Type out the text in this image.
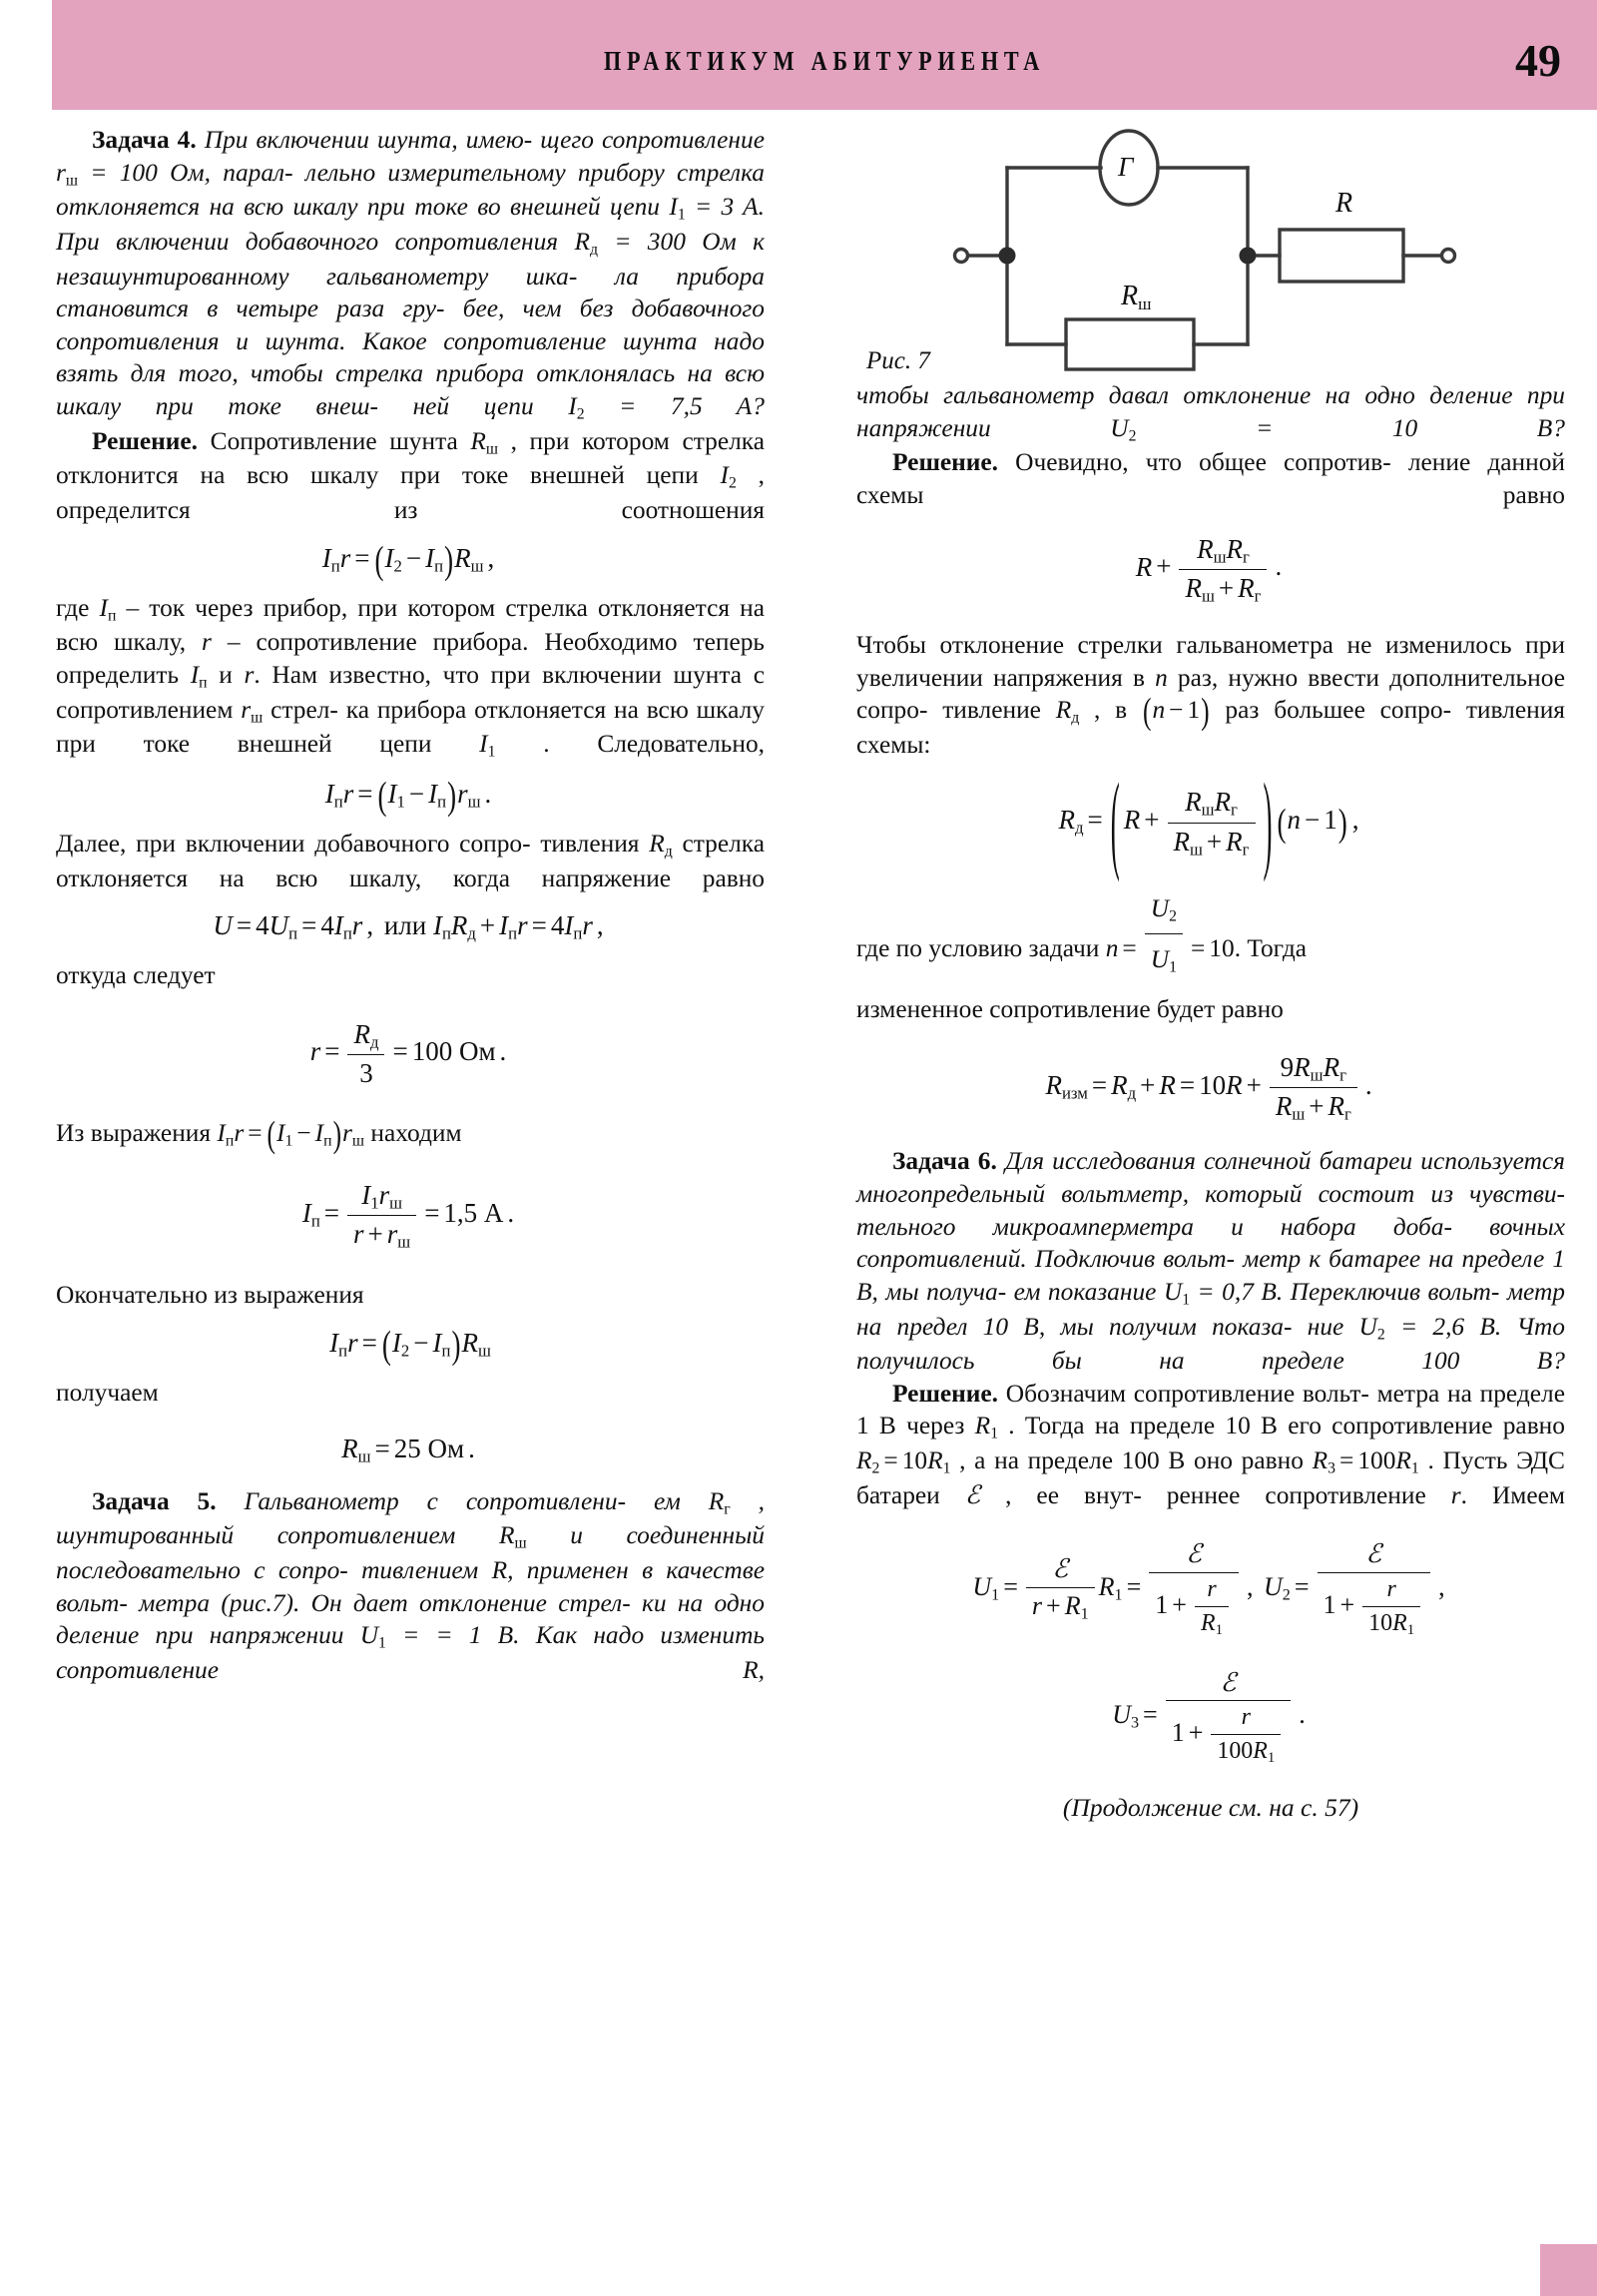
ПРАКТИКУМ АБИТУРИЕНТА	49

Задача 4. При включении шунта, имею- щего сопротивление $r_ш = 100$ Ом, парал- лельно измерительному прибору стрелка отклоняется на всю шкалу при токе во внешней цепи $I_1 = 3$ A. При включении добавочного сопротивления $R_д = 300$ Ом к незашунтированному гальванометру шка- ла прибора становится в четыре раза гру- бее, чем без добавочного сопротивления и шунта. Какое сопротивление шунта надо взять для того, чтобы стрелка прибора отклонялась на всю шкалу при токе внеш- ней цепи $I_2 = 7,5$ A?

Решение. Сопротивление шунта $R_ш$ , при котором стрелка отклонится на всю шкалу при токе внешней цепи $I_2$ , определится из	соотношения

$I_пr = (I_2 - I_п)R_ш$ ,

где $I_п$ – ток через прибор, при котором стрелка отклоняется на всю шкалу, r – сопротивление прибора. Необходимо теперь определить $I_п$ и r. Нам известно, что при включении шунта с сопротивлением $r_ш$ стрел- ка прибора отклоняется на всю шкалу при токе внешней цепи $I_1$ . Следовательно,

$I_пr = (I_1 - I_п)r_ш$ .

Далее, при включении добавочного сопро- тивления $R_д$ стрелка отклоняется на всю шкалу, когда напряжение равно

$U = 4U_п = 4I_пr$ , или $I_пR_д + I_пr = 4I_пr$ ,

откуда следует

$r = \frac{R_д}{3} = 100$ Ом .

Из выражения $I_пr = (I_1 - I_п)r_ш$ находим

$I_п = \frac{I_1r_ш}{r + r_ш} = 1,5$ A .

Окончательно из выражения

$I_пr = (I_2 - I_п)R_ш$

получаем

$R_ш = 25$ Ом .

Задача 5. Гальванометр с сопротивлени- ем $R_г$ , шунтированный сопротивлением $R_ш$ и соединенный последовательно с сопро- тивлением R, применен в качестве вольт- метра (рис.7). Он дает отклонение стрел- ки на одно деление при напряжении $U_1$ = = 1 B. Как надо изменить сопротивление R,

Г
$R_ш$
R
Рис. 7

чтобы гальванометр давал отклонение на одно деление при напряжении $U_2 = 10$ B?

Решение. Очевидно, что общее сопротив- ление данной схемы равно

$R + \frac{R_шR_г}{R_ш + R_г}$ .

Чтобы отклонение стрелки гальванометра не изменилось при увеличении напряжения в n раз, нужно ввести дополнительное сопро- тивление $R_д$ , в (n − 1) раз большее сопро- тивления схемы:

$R_д$ = ( $R + \frac{R_шR_г}{R_ш + R_г}$ ) (n − 1) ,

где по условию задачи $n = \frac{U_2}{U_1} = 10$. Тогда

измененное сопротивление будет равно

$R_{изм} = R_д + R = 10R + \frac{9R_шR_г}{R_ш + R_г}$ .

Задача 6. Для исследования солнечной батареи используется многопредельный вольтметр, который состоит из чувстви- тельного микроамперметра и набора доба- вочных сопротивлений. Подключив вольт- метр к батарее на пределе 1 B, мы получа- ем показание $U_1 = 0,7$ B. Переключив вольт- метр на предел 10 B, мы получим показа- ние $U_2 = 2,6$ B. Что получилось бы на	пределе 100 B?

Решение. Обозначим сопротивление вольт- метра на пределе 1 B через $R_1$ . Тогда на пределе 10 B его сопротивление равно $R_2 = 10R_1$ , а на пределе 100 B оно равно $R_3 = 100R_1$ . Пусть ЭДС батареи ℰ , ее внут- реннее сопротивление r. Имеем

$U_1 = \frac{\text{ℰ}}{r + R_1} R_1 = \frac{\text{ℰ}}{1 + \frac{r}{R_1}}$ , $U_2 = \frac{\text{ℰ}}{1 + \frac{r}{10R_1}}$ ,
$U_3 = \frac{\text{ℰ}}{1 + \frac{r}{100R_1}}$ .
(Продолжение см. на с. 57)
